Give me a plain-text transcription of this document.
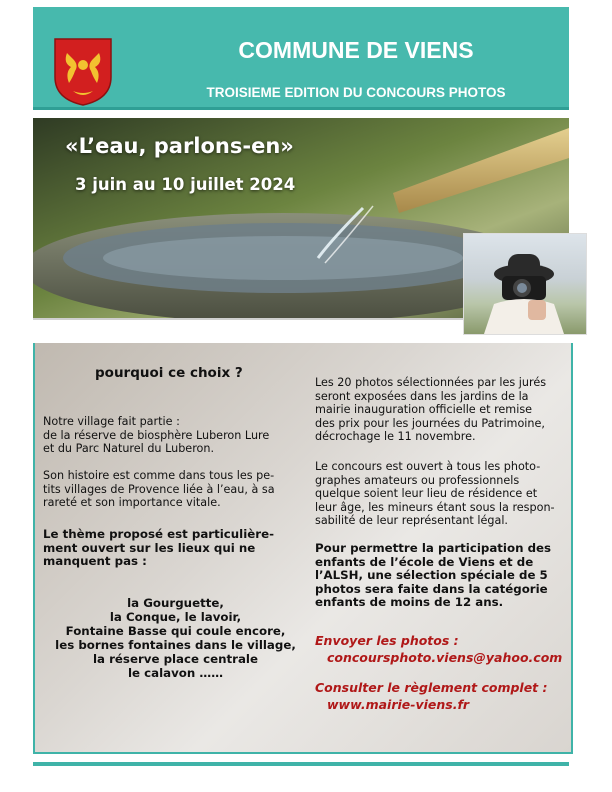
COMMUNE DE VIENS
TROISIEME EDITION DU CONCOURS PHOTOS
«L’eau, parlons-en»
3 juin au 10 juillet 2024
pourquoi ce choix ?
Notre village fait partie :
de la réserve de biosphère Luberon Lure
et du Parc Naturel du Luberon.
Son histoire est comme dans tous les pe-
tits villages de Provence liée à l’eau, à sa
rareté et son importance vitale.
Le thème proposé est particulière-
ment ouvert sur les lieux qui ne
manquent pas :
la Gourguette,
la Conque, le lavoir,
Fontaine Basse qui coule encore,
les bornes fontaines dans le village,
la réserve place centrale
le calavon ……
Les 20 photos sélectionnées par les jurés
seront exposées dans les jardins de la
mairie inauguration officielle et remise
des prix pour les journées du Patrimoine,
décrochage le 11 novembre.
Le concours est ouvert à tous les photo-
graphes amateurs ou professionnels
quelque soient leur lieu de résidence et
leur âge, les mineurs étant sous la respon-
sabilité de leur représentant légal.
Pour permettre la participation des
enfants de l’école de Viens et de
l’ALSH, une sélection spéciale de 5
photos sera faite dans la catégorie
enfants de moins de 12 ans.
Envoyer les photos :
concoursphoto.viens@yahoo.com
Consulter le règlement complet :
www.mairie-viens.fr
